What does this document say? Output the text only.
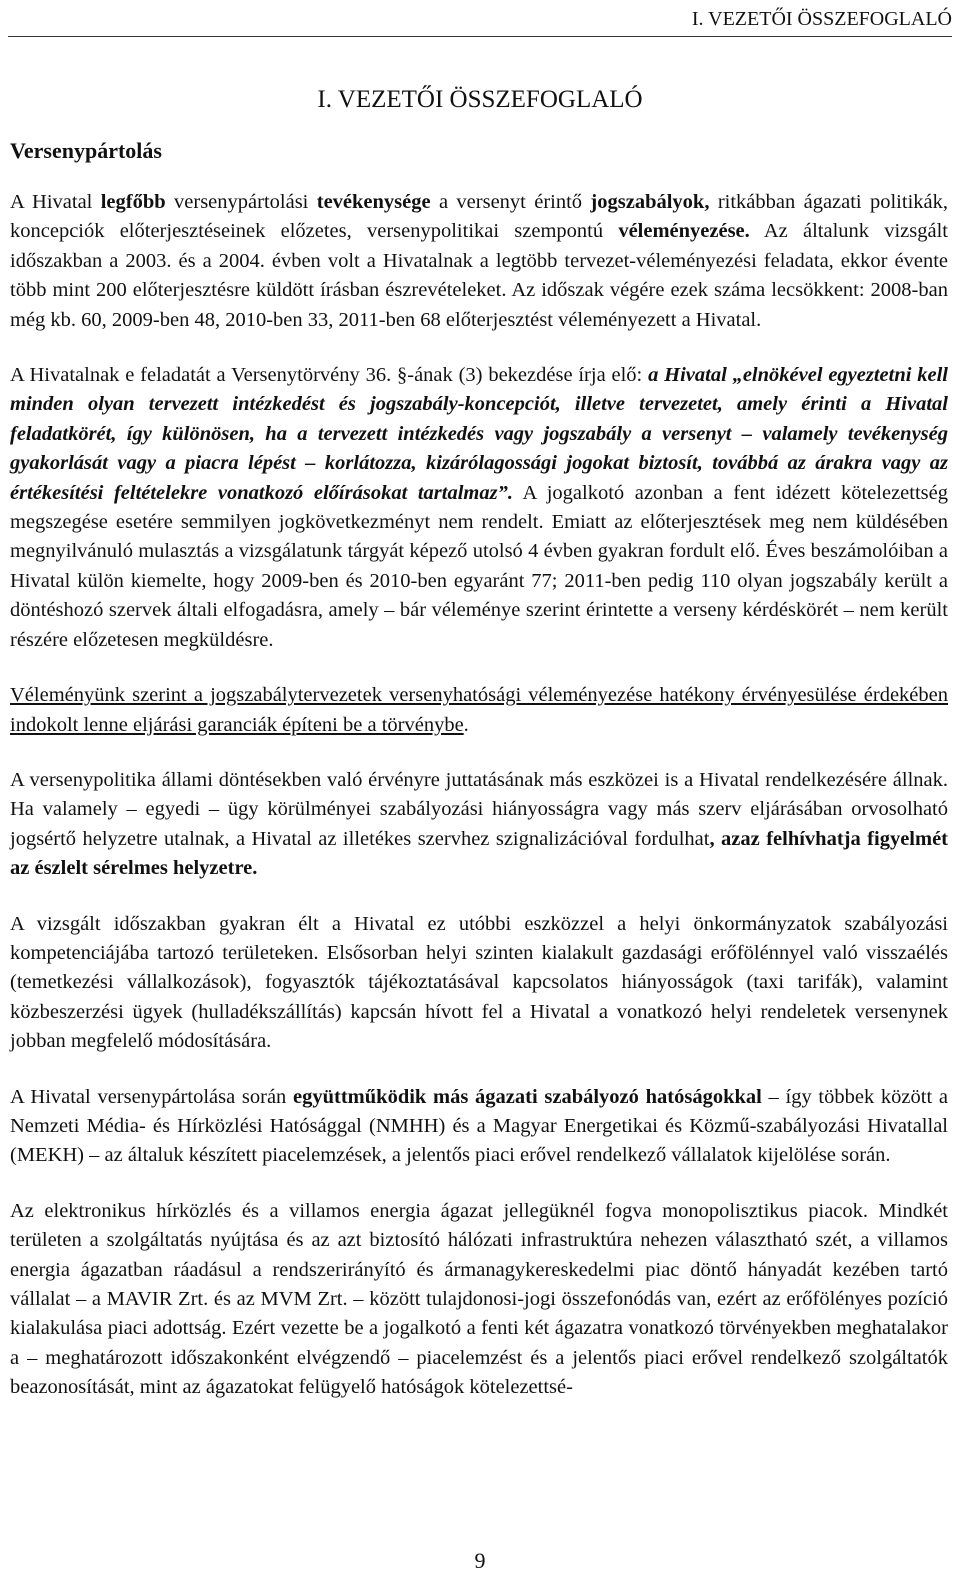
I. VEZETŐI ÖSSZEFOGLALÓ
I. VEZETŐI ÖSSZEFOGLALÓ
Versenypártolás

A Hivatal legfőbb versenypártolási tevékenysége a versenyt érintő jogszabályok, ritkábban ágazati politikák, koncepciók előterjesztéseinek előzetes, versenypolitikai szempontú véleményezése. Az általunk vizsgált időszakban a 2003. és a 2004. évben volt a Hivatalnak a legtöbb tervezet-véleményezési feladata, ekkor évente több mint 200 előterjesztésre küldött írásban észrevételeket. Az időszak végére ezek száma lecsökkent: 2008-ban még kb. 60, 2009-ben 48, 2010-ben 33, 2011-ben 68 előterjesztést véleményezett a Hivatal.

A Hivatalnak e feladatát a Versenytörvény 36. §-ának (3) bekezdése írja elő: a Hivatal „elnökével egyeztetni kell minden olyan tervezett intézkedést és jogszabály-koncepciót, illetve tervezetet, amely érinti a Hivatal feladatkörét, így különösen, ha a tervezett intézkedés vagy jogszabály a versenyt – valamely tevékenység gyakorlását vagy a piacra lépést – korlátozza, kizárólagossági jogokat biztosít, továbbá az árakra vagy az értékesítési feltételekre vonatkozó előírásokat tartalmaz”. A jogalkotó azonban a fent idézett kötelezettség megszegése esetére semmilyen jogkövetkezményt nem rendelt. Emiatt az előterjesztések meg nem küldésében megnyilvánuló mulasztás a vizsgálatunk tárgyát képező utolsó 4 évben gyakran fordult elő. Éves beszámolóiban a Hivatal külön kiemelte, hogy 2009-ben és 2010-ben egyaránt 77; 2011-ben pedig 110 olyan jogszabály került a döntéshozó szervek általi elfogadásra, amely – bár véleménye szerint érintette a verseny kérdéskörét – nem került részére előzetesen megküldésre.

Véleményünk szerint a jogszabálytervezetek versenyhatósági véleményezése hatékony érvényesülése érdekében indokolt lenne eljárási garanciák építeni be a törvénybe.

A versenypolitika állami döntésekben való érvényre juttatásának más eszközei is a Hivatal rendelkezésére állnak. Ha valamely – egyedi – ügy körülményei szabályozási hiányosságra vagy más szerv eljárásában orvosolható jogsértő helyzetre utalnak, a Hivatal az illetékes szervhez szignalizációval fordulhat, azaz felhívhatja figyelmét az észlelt sérelmes helyzetre.

A vizsgált időszakban gyakran élt a Hivatal ez utóbbi eszközzel a helyi önkormányzatok szabályozási kompetenciájába tartozó területeken. Elsősorban helyi szinten kialakult gazdasági erőfölénnyel való visszaélés (temetkezési vállalkozások), fogyasztók tájékoztatásával kapcsolatos hiányosságok (taxi tarifák), valamint közbeszerzési ügyek (hulladékszállítás) kapcsán hívott fel a Hivatal a vonatkozó helyi rendeletek versenynek jobban megfelelő módosítására.

A Hivatal versenypártolása során együttműködik más ágazati szabályozó hatóságokkal – így többek között a Nemzeti Média- és Hírközlési Hatósággal (NMHH) és a Magyar Energetikai és Közmű-szabályozási Hivatallal (MEKH) – az általuk készített piacelemzések, a jelentős piaci erővel rendelkező vállalatok kijelölése során.

Az elektronikus hírközlés és a villamos energia ágazat jellegüknél fogva monopolisztikus piacok. Mindkét területen a szolgáltatás nyújtása és az azt biztosító hálózati infrastruktúra nehezen választható szét, a villamos energia ágazatban ráadásul a rendszerirányító és ármanagykereskedelmi piac döntő hányadát kezében tartó vállalat – a MAVIR Zrt. és az MVM Zrt. – között tulajdonosi-jogi összefonódás van, ezért az erőfölényes pozíció kialakulása piaci adottság. Ezért vezette be a jogalkotó a fenti két ágazatra vonatkozó törvényekben meghatalakor a – meghatározott időszakonként elvégzendő – piacelemzést és a jelentős piaci erővel rendelkező szolgáltatók beazonosítását, mint az ágazatokat felügyelő hatóságok kötelezettsé-

9
